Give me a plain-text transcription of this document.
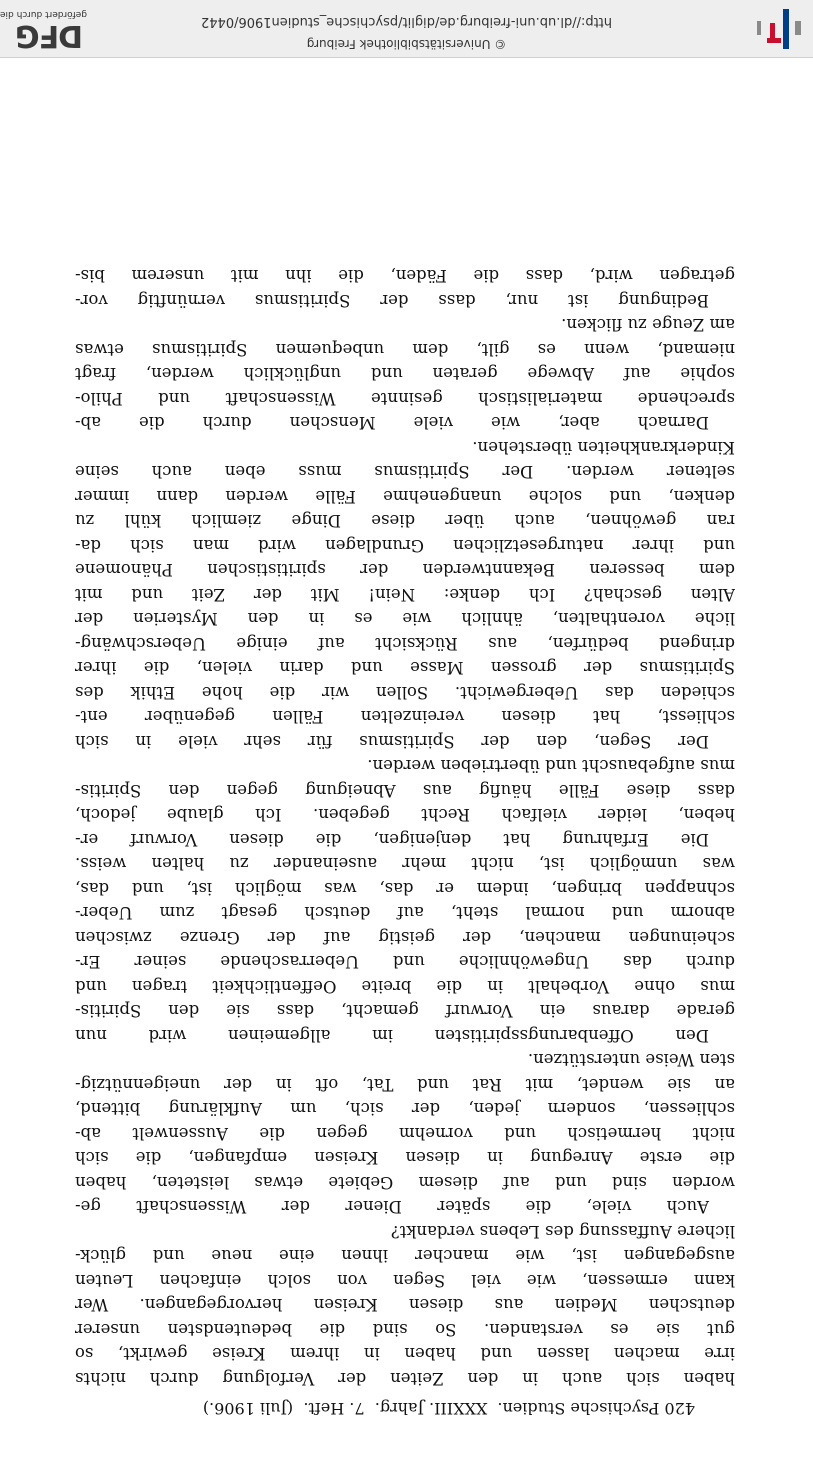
420 Psychische Studien.  XXXIII. Jahrg.  7. Heft.  (Juli 1906.)
haben sich auch in den Zeiten der Verfolgung durch nichts
irre machen lassen und haben in ihrem Kreise gewirkt, so
gut sie es verstanden. So sind die bedeutendsten unserer
deutschen Medien aus diesen Kreisen hervorgegangen. Wer
kann ermessen, wie viel Segen von solch einfachen Leuten
ausgegangen ist, wie mancher ihnen eine neue und glück-
lichere Auffassung des Lebens verdankt?
Auch viele, die später Diener der Wissenschaft ge-
worden sind und auf diesem Gebiete etwas leisteten, haben
die erste Anregung in diesen Kreisen empfangen, die sich
nicht hermetisch und vornehm gegen die Aussenwelt ab-
schliessen, sondern jeden, der sich, um Aufklärung bittend,
an sie wendet, mit Rat und Tat, oft in der uneigennützig-
sten Weise unterstützen.
Den Offenbarungsspiritisten im allgemeinen wird nun
gerade daraus ein Vorwurf gemacht, dass sie den Spiritis-
mus ohne Vorbehalt in die breite Oeffentlichkeit tragen und
durch das Ungewöhnliche und Ueberraschende seiner Er-
scheinungen manchen, der geistig auf der Grenze zwischen
abnorm und normal steht, auf deutsch gesagt zum Ueber-
schnappen bringen, indem er das, was möglich ist, und das,
was unmöglich ist, nicht mehr auseinander zu halten weiss.
Die Erfahrung hat denjenigen, die diesen Vorwurf er-
heben, leider vielfach Recht gegeben. Ich glaube jedoch,
dass diese Fälle häufig aus Abneigung gegen den Spiritis-
mus aufgebauscht und übertrieben werden.
Der Segen, den der Spiritismus für sehr viele in sich
schliesst, hat diesen vereinzelten Fällen gegenüber ent-
schieden das Uebergewicht. Sollen wir die hohe Ethik des
Spiritismus der grossen Masse und darin vielen, die ihrer
dringend bedürfen, aus Rücksicht auf einige Ueberschwäng-
liche vorenthalten, ähnlich wie es in den Mysterien der
Alten geschah? Ich denke: Nein! Mit der Zeit und mit
dem besseren Bekanntwerden der spiritistischen Phänomene
und ihrer naturgesetzlichen Grundlagen wird man sich da-
ran gewöhnen, auch über diese Dinge ziemlich kühl zu
denken, und solche unangenehme Fälle werden dann immer
seltener werden. Der Spiritismus muss eben auch seine
Kinderkrankheiten überstehen.
Darnach aber, wie viele Menschen durch die ab-
sprechende materialistisch gesinnte Wissenschaft und Philo-
sophie auf Abwege geraten und unglücklich werden, fragt
niemand, wenn es gilt, dem unbequemen Spiritismus etwas
am Zeuge zu flicken.
Bedingung ist nur, dass der Spiritismus vernünftig vor-
getragen wird, dass die Fäden, die ihn mit unserem bis-
© Universitätsbibliothek Freiburg
http://dl.ub.uni-freiburg.de/diglit/psychische_studien1906/0442
DFG
gefördert durch die
